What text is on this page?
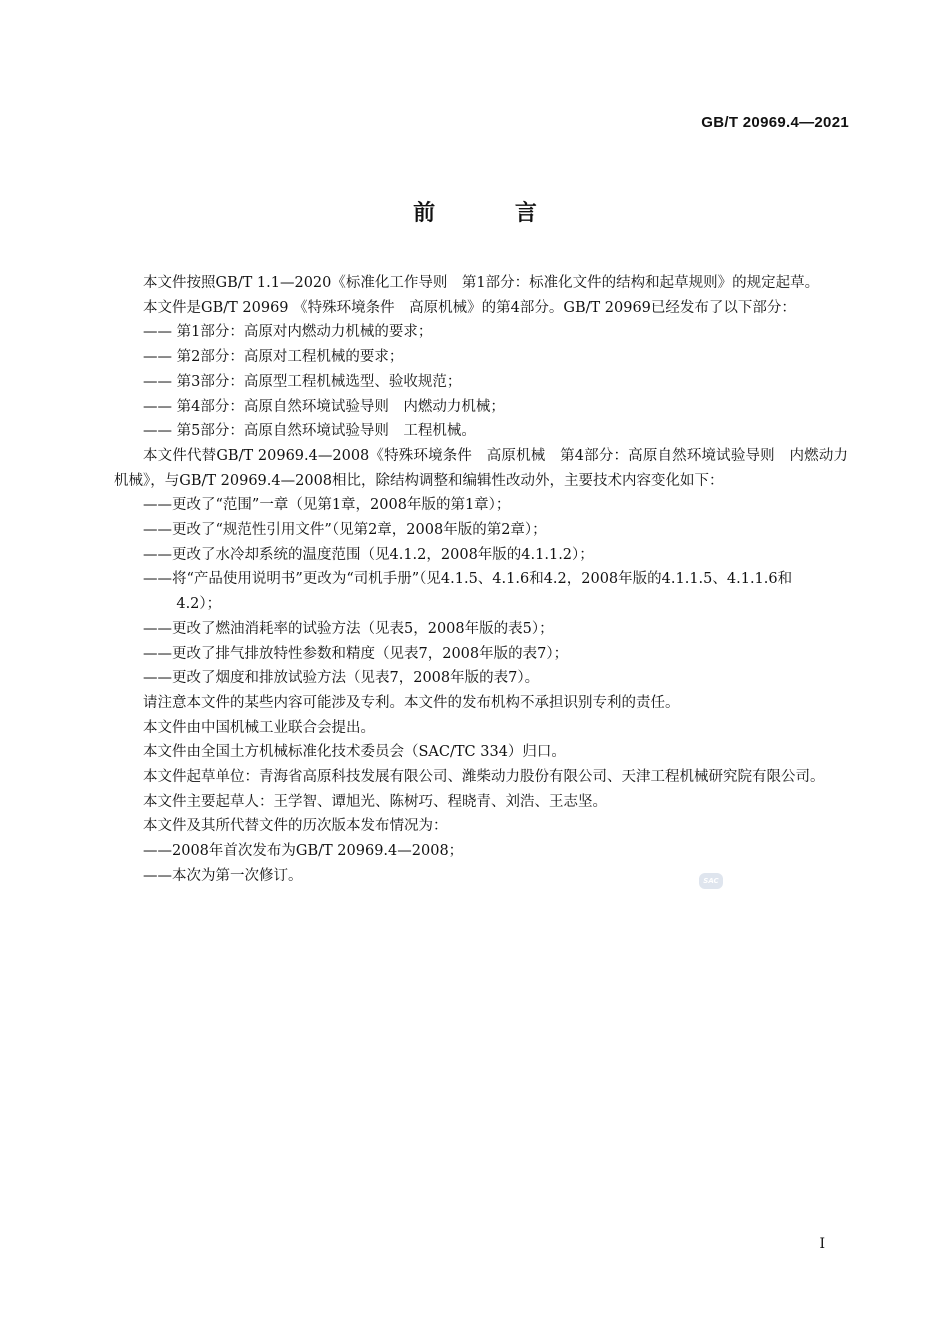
GB/T 20969.4—2021
前 言

本文件按照GB/T 1.1—2020《标准化工作导则　第1部分：标准化文件的结构和起草规则》的规定起草。

本文件是GB/T 20969 《特殊环境条件　高原机械》的第4部分。GB/T 20969已经发布了以下部分：

—— 第1部分：高原对内燃动力机械的要求；

—— 第2部分：高原对工程机械的要求；

—— 第3部分：高原型工程机械选型、验收规范；

—— 第4部分：高原自然环境试验导则　内燃动力机械；

—— 第5部分：高原自然环境试验导则　工程机械。

本文件代替GB/T 20969.4—2008《特殊环境条件　高原机械　第4部分：高原自然环境试验导则　内燃动力机械》，与GB/T 20969.4—2008相比，除结构调整和编辑性改动外，主要技术内容变化如下：

——更改了“范围”一章（见第1章，2008年版的第1章）；

——更改了“规范性引用文件”（见第2章，2008年版的第2章）；

——更改了水冷却系统的温度范围（见4.1.2，2008年版的4.1.1.2）；

——将“产品使用说明书”更改为“司机手册”（见4.1.5、4.1.6和4.2，2008年版的4.1.1.5、4.1.1.6和
4.2）；

——更改了燃油消耗率的试验方法（见表5，2008年版的表5）；

——更改了排气排放特性参数和精度（见表7，2008年版的表7）；

——更改了烟度和排放试验方法（见表7，2008年版的表7）。

请注意本文件的某些内容可能涉及专利。本文件的发布机构不承担识别专利的责任。

本文件由中国机械工业联合会提出。

本文件由全国土方机械标准化技术委员会（SAC/TC 334）归口。

本文件起草单位：青海省高原科技发展有限公司、潍柴动力股份有限公司、天津工程机械研究院有限公司。

本文件主要起草人：王学智、谭旭光、陈树巧、程晓青、刘浩、王志坚。

本文件及其所代替文件的历次版本发布情况为：

——2008年首次发布为GB/T 20969.4—2008；

——本次为第一次修订。	SAC
I
